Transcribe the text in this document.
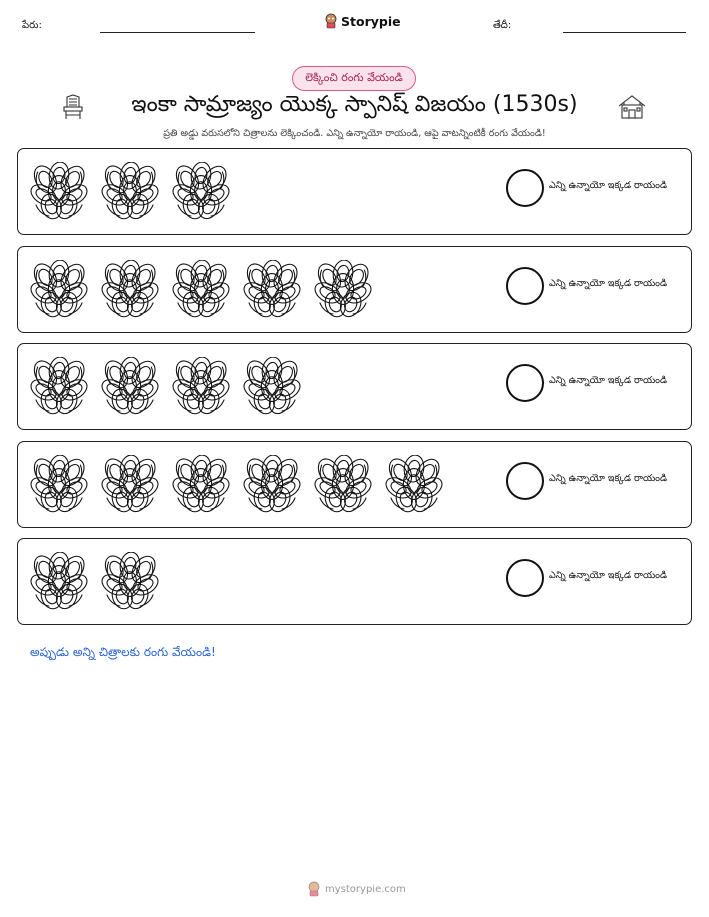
పేరు:	Storypie	తేదీ:
లెక్కించి రంగు వేయండి
ఇంకా సామ్రాజ్యం యొక్క స్పానిష్ విజయం (1530s)
ప్రతి అడ్డు వరుసలోని చిత్రాలను లెక్కించండి. ఎన్ని ఉన్నాయో రాయండి, ఆపై వాటన్నింటికీ రంగు వేయండి!
ఎన్ని ఉన్నాయో ఇక్కడ రాయండి
ఎన్ని ఉన్నాయో ఇక్కడ రాయండి
ఎన్ని ఉన్నాయో ఇక్కడ రాయండి
ఎన్ని ఉన్నాయో ఇక్కడ రాయండి
ఎన్ని ఉన్నాయో ఇక్కడ రాయండి
అప్పుడు అన్ని చిత్రాలకు రంగు వేయండి!
mystorypie.com
